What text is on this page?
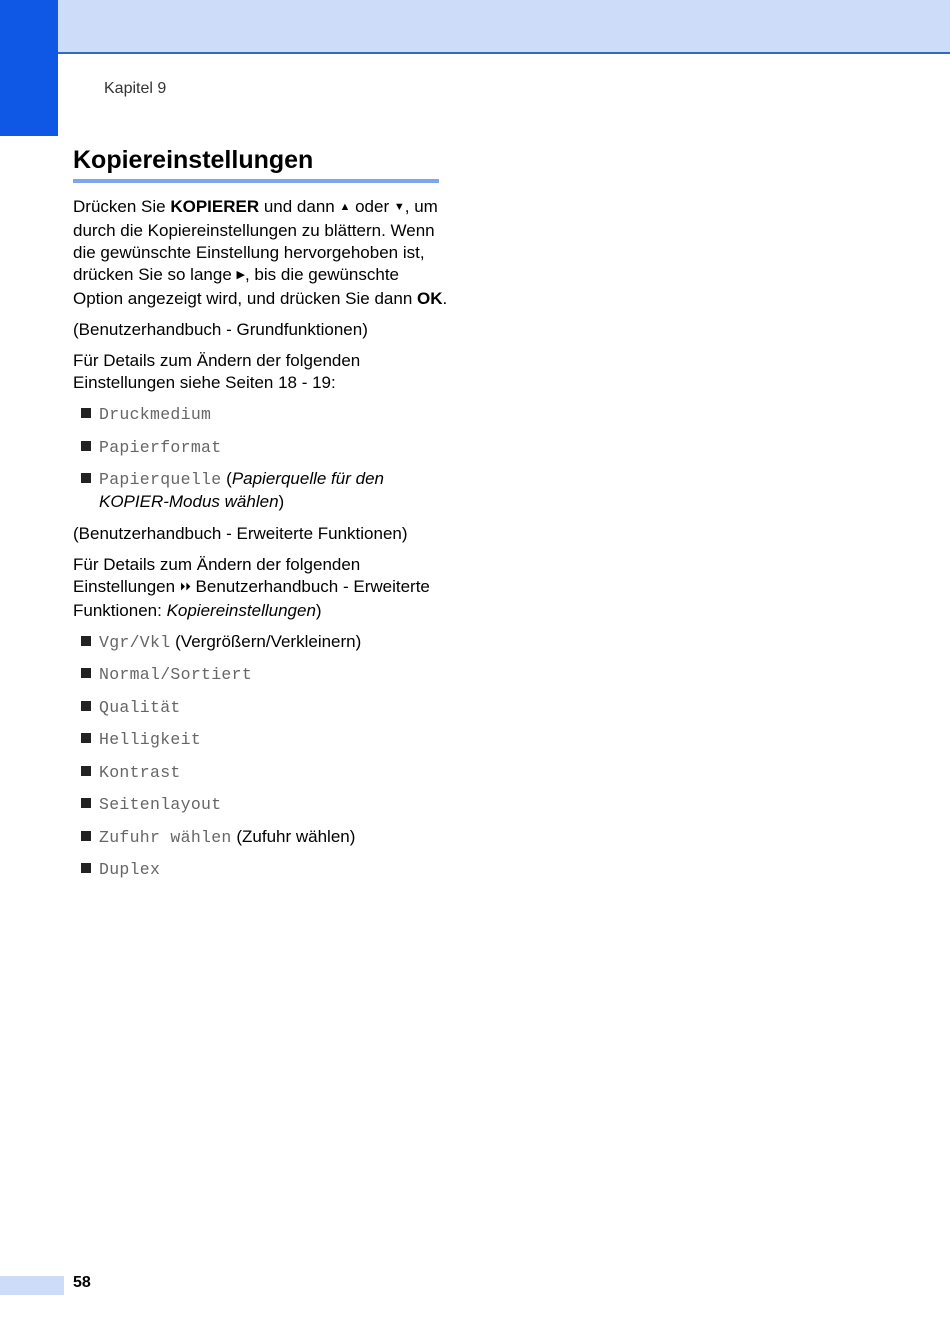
Kapitel 9
Kopiereinstellungen

Drücken Sie KOPIERER und dann ▲ oder ▼, um durch die Kopiereinstellungen zu blättern. Wenn die gewünschte Einstellung hervorgehoben ist, drücken Sie so lange ▶, bis die gewünschte Option angezeigt wird, und drücken Sie dann OK.

(Benutzerhandbuch - Grundfunktionen)

Für Details zum Ändern der folgenden Einstellungen siehe Seiten 18 - 19:

Druckmedium
Papierformat
Papierquelle (Papierquelle für den KOPIER-Modus wählen)

(Benutzerhandbuch - Erweiterte Funktionen)

Für Details zum Ändern der folgenden Einstellungen ⏵⏵ Benutzerhandbuch - Erweiterte Funktionen: Kopiereinstellungen)

Vgr/Vkl (Vergrößern/Verkleinern)
Normal/Sortiert
Qualität
Helligkeit
Kontrast
Seitenlayout
Zufuhr wählen (Zufuhr wählen)
Duplex
58
